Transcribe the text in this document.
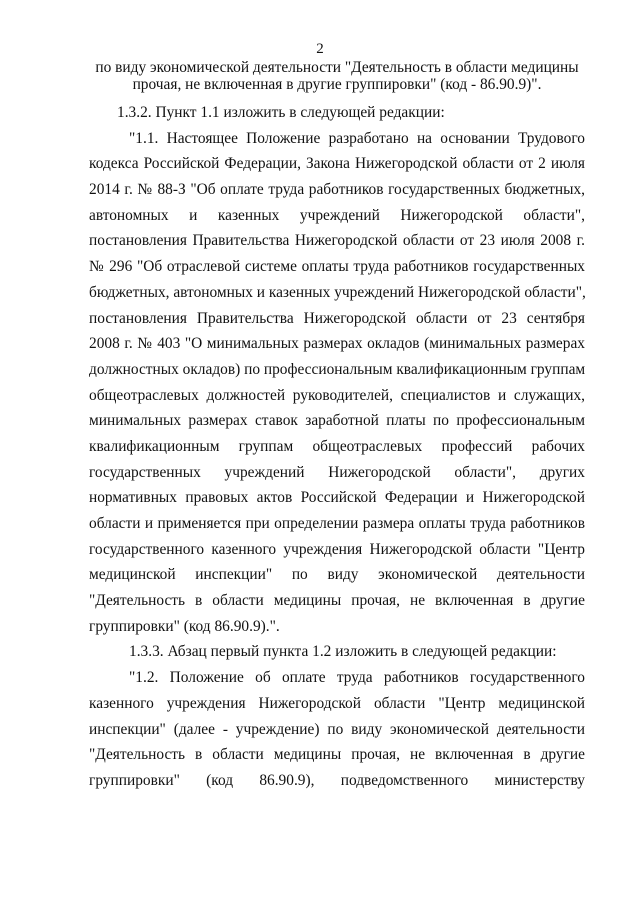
2
по виду экономической деятельности "Деятельность в области медицины
прочая, не включенная в другие группировки" (код - 86.90.9)".
1.3.2. Пункт 1.1 изложить в следующей редакции:
"1.1. Настоящее Положение разработано на основании Трудового
кодекса Российской Федерации, Закона Нижегородской области от 2 июля
2014 г. № 88-З "Об оплате труда работников государственных бюджетных,
автономных и казенных учреждений Нижегородской области",
постановления Правительства Нижегородской области от 23 июля 2008 г.
№ 296 "Об отраслевой системе оплаты труда работников государственных
бюджетных, автономных и казенных учреждений Нижегородской области",
постановления Правительства Нижегородской области от 23 сентября
2008 г. № 403 "О минимальных размерах окладов (минимальных размерах
должностных окладов) по профессиональным квалификационным группам
общеотраслевых должностей руководителей, специалистов и служащих,
минимальных размерах ставок заработной платы по профессиональным
квалификационным группам общеотраслевых профессий рабочих
государственных учреждений Нижегородской области", других
нормативных правовых актов Российской Федерации и Нижегородской
области и применяется при определении размера оплаты труда работников
государственного казенного учреждения Нижегородской области "Центр
медицинской инспекции" по виду экономической деятельности
"Деятельность в области медицины прочая, не включенная в другие
группировки" (код 86.90.9).".
1.3.3. Абзац первый пункта 1.2 изложить в следующей редакции:
"1.2. Положение об оплате труда работников государственного
казенного учреждения Нижегородской области "Центр медицинской
инспекции" (далее - учреждение) по виду экономической деятельности
"Деятельность в области медицины прочая, не включенная в другие
группировки" (код 86.90.9), подведомственного министерству
